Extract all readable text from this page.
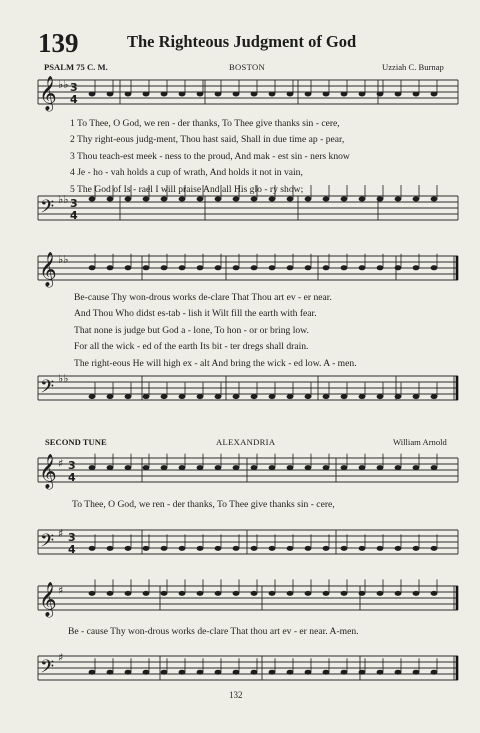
139	The Righteous Judgment of God
PSALM 75 C. M.	BOSTON	Uzziah C. Burnap
𝄞
𝄢
𝄞
𝄢
𝄞
𝄢
𝄞
𝄢
♭♭
♭♭
♭♭
♭♭
♯
♯
♯
♯
3
4
3
4
3
4
3
4
1 To Thee, O God, we ren - der thanks, To Thee give thanks sin - cere,
2 Thy right-eous judg-ment, Thou hast said, Shall in due time ap - pear,
3 Thou teach-est meek - ness to the proud, And mak - est sin - ners know
4 Je - ho - vah holds a cup of wrath, And holds it not in vain,
5 The God of Is - rael I will praise And all His glo - ry show;
Be-cause Thy won-drous works de-clare That Thou art ev - er near.
And Thou Who didst es-tab - lish it Wilt fill the earth with fear.
That none is judge but God a - lone, To hon - or or bring low.
For all the wick - ed of the earth Its bit - ter dregs shall drain.
The right-eous He will high ex - alt And bring the wick - ed low. A - men.
SECOND TUNE	ALEXANDRIA	William Arnold
To Thee, O God, we ren - der thanks, To Thee give thanks sin - cere,
Be - cause Thy won-drous works de-clare That thou art ev - er near. A-men.
132
